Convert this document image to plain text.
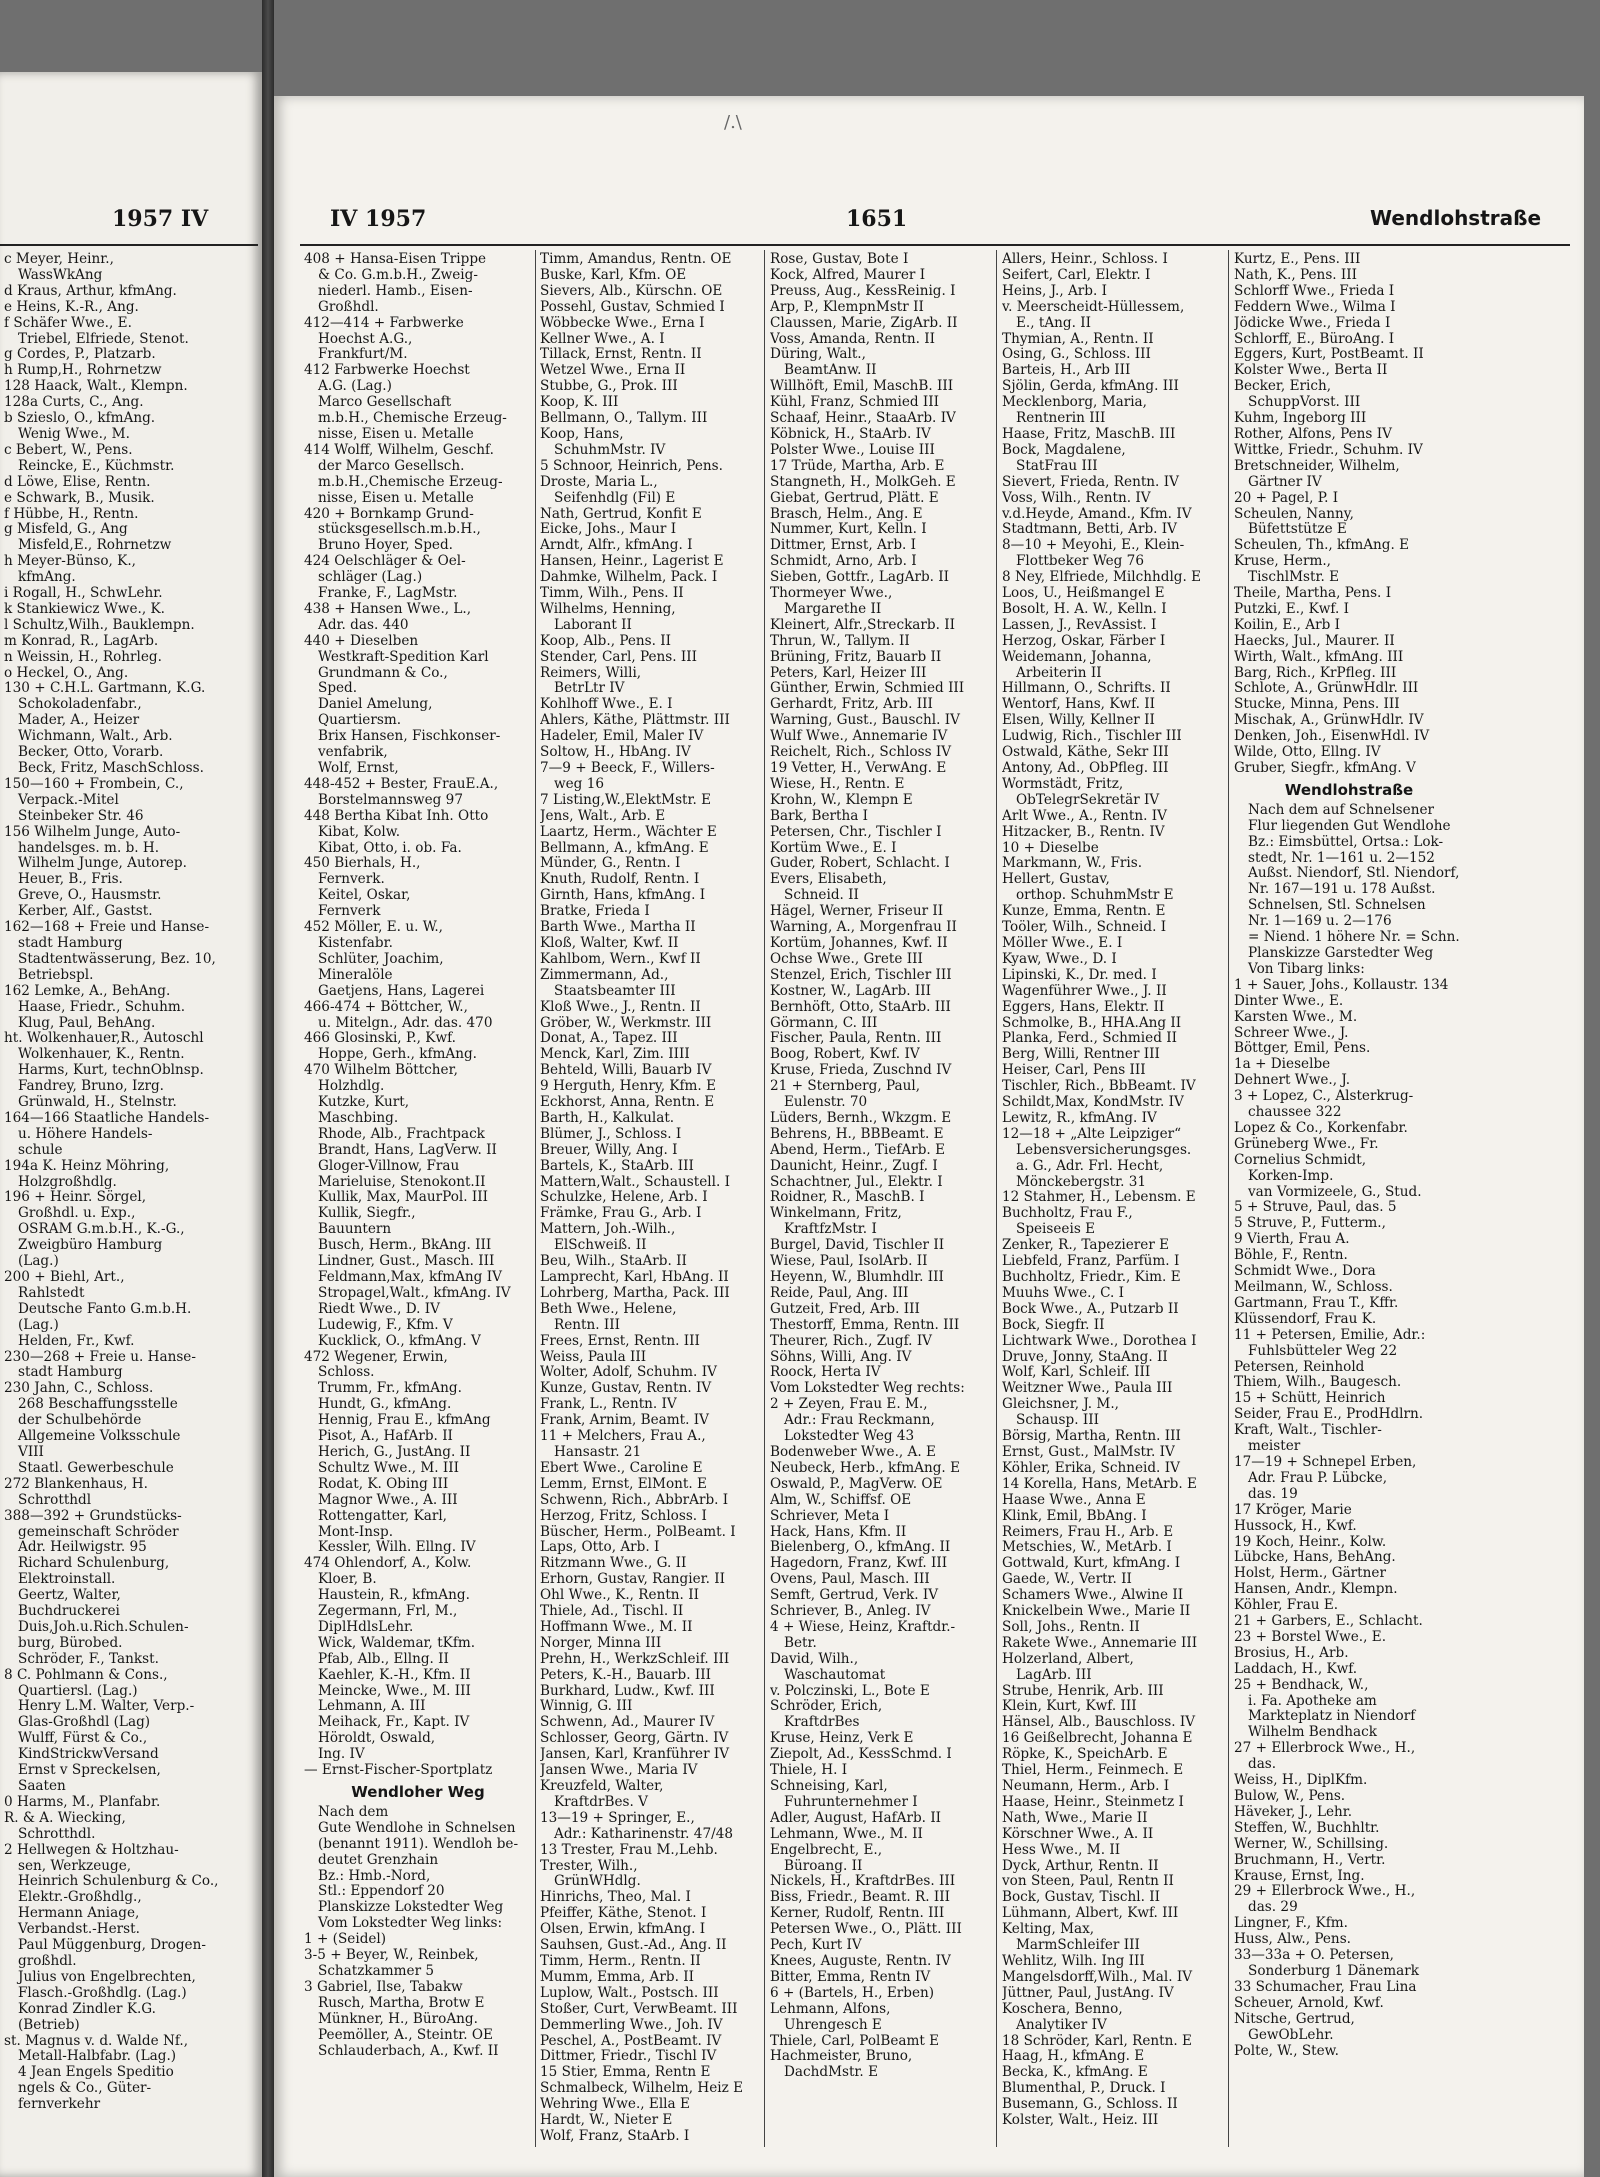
1957 IV	IV 1957	1651	Wendlohstraße
/.\
c Meyer, Heinr.,
WassWkAng
d Kraus, Arthur, kfmAng.
e Heins, K.-R., Ang.
f Schäfer Wwe., E.
Triebel, Elfriede, Stenot.
g Cordes, P., Platzarb.
h Rump,H., Rohrnetzw
128 Haack, Walt., Klempn.
128a Curts, C., Ang.
b Szieslo, O., kfmAng.
Wenig Wwe., M.
c Bebert, W., Pens.
Reincke, E., Küchmstr.
d Löwe, Elise, Rentn.
e Schwark, B., Musik.
f Hübbe, H., Rentn.
g Misfeld, G., Ang
Misfeld,E., Rohrnetzw
h Meyer-Bünso, K.,
kfmAng.
i Rogall, H., SchwLehr.
k Stankiewicz Wwe., K.
l Schultz,Wilh., Bauklempn.
m Konrad, R., LagArb.
n Weissin, H., Rohrleg.
o Heckel, O., Ang.
130 + C.H.L. Gartmann, K.G.
Schokoladenfabr.,
Mader, A., Heizer
Wichmann, Walt., Arb.
Becker, Otto, Vorarb.
Beck, Fritz, MaschSchloss.
150—160 + Frombein, C.,
Verpack.-Mitel
Steinbeker Str. 46
156 Wilhelm Junge, Auto-
handelsges. m. b. H.
Wilhelm Junge, Autorep.
Heuer, B., Fris.
Greve, O., Hausmstr.
Kerber, Alf., Gastst.
162—168 + Freie und Hanse-
stadt Hamburg
Stadtentwässerung, Bez. 10,
Betriebspl.
162 Lemke, A., BehAng.
Haase, Friedr., Schuhm.
Klug, Paul, BehAng.
ht. Wolkenhauer,R., Autoschl
Wolkenhauer, K., Rentn.
Harms, Kurt, technOblnsp.
Fandrey, Bruno, Izrg.
Grünwald, H., Stelnstr.
164—166 Staatliche Handels-
u. Höhere Handels-
schule
194a K. Heinz Möhring,
Holzgroßhdlg.
196 + Heinr. Sörgel,
Großhdl. u. Exp.,
OSRAM G.m.b.H., K.-G.,
Zweigbüro Hamburg
(Lag.)
200 + Biehl, Art.,
Rahlstedt
Deutsche Fanto G.m.b.H.
(Lag.)
Helden, Fr., Kwf.
230—268 + Freie u. Hanse-
stadt Hamburg
230 Jahn, C., Schloss.
268 Beschaffungsstelle
der Schulbehörde
Allgemeine Volksschule
VIII
Staatl. Gewerbeschule
272 Blankenhaus, H.
Schrotthdl
388—392 + Grundstücks-
gemeinschaft Schröder
Adr. Heilwigstr. 95
Richard Schulenburg,
Elektroinstall.
Geertz, Walter,
Buchdruckerei
Duis,Joh.u.Rich.Schulen-
burg, Bürobed.
Schröder, F., Tankst.
8 C. Pohlmann & Cons.,
Quartiersl. (Lag.)
Henry L.M. Walter, Verp.-
Glas-Großhdl (Lag)
Wulff, Fürst & Co.,
KindStrickwVersand
Ernst v Spreckelsen,
Saaten
0 Harms, M., Planfabr.
R. & A. Wiecking,
Schrotthdl.
2 Hellwegen & Holtzhau-
sen, Werkzeuge,
Heinrich Schulenburg & Co.,
Elektr.-Großhdlg.,
Hermann Aniage,
Verbandst.-Herst.
Paul Müggenburg, Drogen-
großhdl.
Julius von Engelbrechten,
Flasch.-Großhdlg. (Lag.)
Konrad Zindler K.G.
(Betrieb)
st. Magnus v. d. Walde Nf.,
Metall-Halbfabr. (Lag.)
4 Jean Engels Speditio
ngels & Co., Güter-
fernverkehr
408 + Hansa-Eisen Trippe
& Co. G.m.b.H., Zweig-
niederl. Hamb., Eisen-
Großhdl.
412—414 + Farbwerke
Hoechst A.G.,
Frankfurt/M.
412 Farbwerke Hoechst
A.G. (Lag.)
Marco Gesellschaft
m.b.H., Chemische Erzeug-
nisse, Eisen u. Metalle
414 Wolff, Wilhelm, Geschf.
der Marco Gesellsch.
m.b.H.,Chemische Erzeug-
nisse, Eisen u. Metalle
420 + Bornkamp Grund-
stücksgesellsch.m.b.H.,
Bruno Hoyer, Sped.
424 Oelschläger & Oel-
schläger (Lag.)
Franke, F., LagMstr.
438 + Hansen Wwe., L.,
Adr. das. 440
440 + Dieselben
Westkraft-Spedition Karl
Grundmann & Co.,
Sped.
Daniel Amelung,
Quartiersm.
Brix Hansen, Fischkonser-
venfabrik,
Wolf, Ernst,
448-452 + Bester, FrauE.A.,
Borstelmannsweg 97
448 Bertha Kibat Inh. Otto
Kibat, Kolw.
Kibat, Otto, i. ob. Fa.
450 Bierhals, H.,
Fernverk.
Keitel, Oskar,
Fernverk
452 Möller, E. u. W.,
Kistenfabr.
Schlüter, Joachim,
Mineralöle
Gaetjens, Hans, Lagerei
466-474 + Böttcher, W.,
u. Mitelgn., Adr. das. 470
466 Glosinski, P., Kwf.
Hoppe, Gerh., kfmAng.
470 Wilhelm Böttcher,
Holzhdlg.
Kutzke, Kurt,
Maschbing.
Rhode, Alb., Frachtpack
Brandt, Hans, LagVerw. II
Gloger-Villnow, Frau
Marieluise, Stenokont.II
Kullik, Max, MaurPol. III
Kullik, Siegfr.,
Bauuntern
Busch, Herm., BkAng. III
Lindner, Gust., Masch. III
Feldmann,Max, kfmAng IV
Stropagel,Walt., kfmAng. IV
Riedt Wwe., D. IV
Ludewig, F., Kfm. V
Kucklick, O., kfmAng. V
472 Wegener, Erwin,
Schloss.
Trumm, Fr., kfmAng.
Hundt, G., kfmAng.
Hennig, Frau E., kfmAng
Pisot, A., HafArb. II
Herich, G., JustAng. II
Schultz Wwe., M. III
Rodat, K. Obing III
Magnor Wwe., A. III
Rottengatter, Karl,
Mont-Insp.
Kessler, Wilh. Ellng. IV
474 Ohlendorf, A., Kolw.
Kloer, B.
Haustein, R., kfmAng.
Zegermann, Frl, M.,
DiplHdlsLehr.
Wick, Waldemar, tKfm.
Pfab, Alb., Ellng. II
Kaehler, K.-H., Kfm. II
Meincke, Wwe., M. III
Lehmann, A. III
Meihack, Fr., Kapt. IV
Höroldt, Oswald,
Ing. IV
— Ernst-Fischer-Sportplatz
Wendloher Weg
Nach dem
Gute Wendlohe in Schnelsen
(benannt 1911). Wendloh be-
deutet Grenzhain
Bz.: Hmb.-Nord,
Stl.: Eppendorf 20
Planskizze Lokstedter Weg
Vom Lokstedter Weg links:
1 + (Seidel)
3-5 + Beyer, W., Reinbek,
Schatzkammer 5
3 Gabriel, Ilse, Tabakw
Rusch, Martha, Brotw E
Münkner, H., BüroAng.
Peemöller, A., Steintr. OE
Schlauderbach, A., Kwf. II
Timm, Amandus, Rentn. OE
Buske, Karl, Kfm. OE
Sievers, Alb., Kürschn. OE
Possehl, Gustav, Schmied I
Wöbbecke Wwe., Erna I
Kellner Wwe., A. I
Tillack, Ernst, Rentn. II
Wetzel Wwe., Erna II
Stubbe, G., Prok. III
Koop, K. III
Bellmann, O., Tallym. III
Koop, Hans,
SchuhmMstr. IV
5 Schnoor, Heinrich, Pens.
Droste, Maria L.,
Seifenhdlg (Fil) E
Nath, Gertrud, Konfit E
Eicke, Johs., Maur I
Arndt, Alfr., kfmAng. I
Hansen, Heinr., Lagerist E
Dahmke, Wilhelm, Pack. I
Timm, Wilh., Pens. II
Wilhelms, Henning,
Laborant II
Koop, Alb., Pens. II
Stender, Carl, Pens. III
Reimers, Willi,
BetrLtr IV
Kohlhoff Wwe., E. I
Ahlers, Käthe, Plättmstr. III
Hadeler, Emil, Maler IV
Soltow, H., HbAng. IV
7—9 + Beeck, F., Willers-
weg 16
7 Listing,W.,ElektMstr. E
Jens, Walt., Arb. E
Laartz, Herm., Wächter E
Bellmann, A., kfmAng. E
Münder, G., Rentn. I
Knuth, Rudolf, Rentn. I
Girnth, Hans, kfmAng. I
Bratke, Frieda I
Barth Wwe., Martha II
Kloß, Walter, Kwf. II
Kahlbom, Wern., Kwf II
Zimmermann, Ad.,
Staatsbeamter III
Kloß Wwe., J., Rentn. II
Gröber, W., Werkmstr. III
Donat, A., Tapez. III
Menck, Karl, Zim. IIII
Behteld, Willi, Bauarb IV
9 Herguth, Henry, Kfm. E
Eckhorst, Anna, Rentn. E
Barth, H., Kalkulat.
Blümer, J., Schloss. I
Breuer, Willy, Ang. I
Bartels, K., StaArb. III
Mattern,Walt., Schaustell. I
Schulzke, Helene, Arb. I
Främke, Frau G., Arb. I
Mattern, Joh.-Wilh.,
ElSchweiß. II
Beu, Wilh., StaArb. II
Lamprecht, Karl, HbAng. II
Lohrberg, Martha, Pack. III
Beth Wwe., Helene,
Rentn. III
Frees, Ernst, Rentn. III
Weiss, Paula III
Wolter, Adolf, Schuhm. IV
Kunze, Gustav, Rentn. IV
Frank, L., Rentn. IV
Frank, Arnim, Beamt. IV
11 + Melchers, Frau A.,
Hansastr. 21
Ebert Wwe., Caroline E
Lemm, Ernst, ElMont. E
Schwenn, Rich., AbbrArb. I
Herzog, Fritz, Schloss. I
Büscher, Herm., PolBeamt. I
Laps, Otto, Arb. I
Ritzmann Wwe., G. II
Erhorn, Gustav, Rangier. II
Ohl Wwe., K., Rentn. II
Thiele, Ad., Tischl. II
Hoffmann Wwe., M. II
Norger, Minna III
Prehn, H., WerkzSchleif. III
Peters, K.-H., Bauarb. III
Burkhard, Ludw., Kwf. III
Winnig, G. III
Schwenn, Ad., Maurer IV
Schlosser, Georg, Gärtn. IV
Jansen, Karl, Kranführer IV
Jansen Wwe., Maria IV
Kreuzfeld, Walter,
KraftdrBes. V
13—19 + Springer, E.,
Adr.: Katharinenstr. 47/48
13 Trester, Frau M.,Lehb.
Trester, Wilh.,
GrünWHdlg.
Hinrichs, Theo, Mal. I
Pfeiffer, Käthe, Stenot. I
Olsen, Erwin, kfmAng. I
Sauhsen, Gust.-Ad., Ang. II
Timm, Herm., Rentn. II
Mumm, Emma, Arb. II
Luplow, Walt., Postsch. III
Stoßer, Curt, VerwBeamt. III
Demmerling Wwe., Joh. IV
Peschel, A., PostBeamt. IV
Dittmer, Friedr., Tischl IV
15 Stier, Emma, Rentn E
Schmalbeck, Wilhelm, Heiz E
Wehring Wwe., Ella E
Hardt, W., Nieter E
Wolf, Franz, StaArb. I
Rose, Gustav, Bote I
Kock, Alfred, Maurer I
Preuss, Aug., KessReinig. I
Arp, P., KlempnMstr II
Claussen, Marie, ZigArb. II
Voss, Amanda, Rentn. II
Düring, Walt.,
BeamtAnw. II
Willhöft, Emil, MaschB. III
Kühl, Franz, Schmied III
Schaaf, Heinr., StaaArb. IV
Köbnick, H., StaArb. IV
Polster Wwe., Louise III
17 Trüde, Martha, Arb. E
Stangneth, H., MolkGeh. E
Giebat, Gertrud, Plätt. E
Brasch, Helm., Ang. E
Nummer, Kurt, Kelln. I
Dittmer, Ernst, Arb. I
Schmidt, Arno, Arb. I
Sieben, Gottfr., LagArb. II
Thormeyer Wwe.,
Margarethe II
Kleinert, Alfr.,Streckarb. II
Thrun, W., Tallym. II
Brüning, Fritz, Bauarb II
Peters, Karl, Heizer III
Günther, Erwin, Schmied III
Gerhardt, Fritz, Arb. III
Warning, Gust., Bauschl. IV
Wulf Wwe., Annemarie IV
Reichelt, Rich., Schloss IV
19 Vetter, H., VerwAng. E
Wiese, H., Rentn. E
Krohn, W., Klempn E
Bark, Bertha I
Petersen, Chr., Tischler I
Kortüm Wwe., E. I
Guder, Robert, Schlacht. I
Evers, Elisabeth,
Schneid. II
Hägel, Werner, Friseur II
Warning, A., Morgenfrau II
Kortüm, Johannes, Kwf. II
Ochse Wwe., Grete III
Stenzel, Erich, Tischler III
Kostner, W., LagArb. III
Bernhöft, Otto, StaArb. III
Görmann, C. III
Fischer, Paula, Rentn. III
Boog, Robert, Kwf. IV
Kruse, Frieda, Zuschnd IV
21 + Sternberg, Paul,
Eulenstr. 70
Lüders, Bernh., Wkzgm. E
Behrens, H., BBBeamt. E
Abend, Herm., TiefArb. E
Daunicht, Heinr., Zugf. I
Schachtner, Jul., Elektr. I
Roidner, R., MaschB. I
Winkelmann, Fritz,
KraftfzMstr. I
Burgel, David, Tischler II
Wiese, Paul, IsolArb. II
Heyenn, W., Blumhdlr. III
Reide, Paul, Ang. III
Gutzeit, Fred, Arb. III
Thestorff, Emma, Rentn. III
Theurer, Rich., Zugf. IV
Söhns, Willi, Ang. IV
Roock, Herta IV
Vom Lokstedter Weg rechts:
2 + Zeyen, Frau E. M.,
Adr.: Frau Reckmann,
Lokstedter Weg 43
Bodenweber Wwe., A. E
Neubeck, Herb., kfmAng. E
Oswald, P., MagVerw. OE
Alm, W., Schiffsf. OE
Schriever, Meta I
Hack, Hans, Kfm. II
Bielenberg, O., kfmAng. II
Hagedorn, Franz, Kwf. III
Ovens, Paul, Masch. III
Semft, Gertrud, Verk. IV
Schriever, B., Anleg. IV
4 + Wiese, Heinz, Kraftdr.-
Betr.
David, Wilh.,
Waschautomat
v. Polczinski, L., Bote E
Schröder, Erich,
KraftdrBes
Kruse, Heinz, Verk E
Ziepolt, Ad., KessSchmd. I
Thiele, H. I
Schneising, Karl,
Fuhrunternehmer I
Adler, August, HafArb. II
Lehmann, Wwe., M. II
Engelbrecht, E.,
Büroang. II
Nickels, H., KraftdrBes. III
Biss, Friedr., Beamt. R. III
Kerner, Rudolf, Rentn. III
Petersen Wwe., O., Plätt. III
Pech, Kurt IV
Knees, Auguste, Rentn. IV
Bitter, Emma, Rentn IV
6 + (Bartels, H., Erben)
Lehmann, Alfons,
Uhrengesch E
Thiele, Carl, PolBeamt E
Hachmeister, Bruno,
DachdMstr. E
Allers, Heinr., Schloss. I
Seifert, Carl, Elektr. I
Heins, J., Arb. I
v. Meerscheidt-Hüllessem,
E., tAng. II
Thymian, A., Rentn. II
Osing, G., Schloss. III
Barteis, H., Arb III
Sjölin, Gerda, kfmAng. III
Mecklenborg, Maria,
Rentnerin III
Haase, Fritz, MaschB. III
Bock, Magdalene,
StatFrau III
Sievert, Frieda, Rentn. IV
Voss, Wilh., Rentn. IV
v.d.Heyde, Amand., Kfm. IV
Stadtmann, Betti, Arb. IV
8—10 + Meyohi, E., Klein-
Flottbeker Weg 76
8 Ney, Elfriede, Milchhdlg. E
Loos, U., Heißmangel E
Bosolt, H. A. W., Kelln. I
Lassen, J., RevAssist. I
Herzog, Oskar, Färber I
Weidemann, Johanna,
Arbeiterin II
Hillmann, O., Schrifts. II
Wentorf, Hans, Kwf. II
Elsen, Willy, Kellner II
Ludwig, Rich., Tischler III
Ostwald, Käthe, Sekr III
Antony, Ad., ObPfleg. III
Wormstädt, Fritz,
ObTelegrSekretär IV
Arlt Wwe., A., Rentn. IV
Hitzacker, B., Rentn. IV
10 + Dieselbe
Markmann, W., Fris.
Hellert, Gustav,
orthop. SchuhmMstr E
Kunze, Emma, Rentn. E
Toöler, Wilh., Schneid. I
Möller Wwe., E. I
Kyaw, Wwe., D. I
Lipinski, K., Dr. med. I
Wagenführer Wwe., J. II
Eggers, Hans, Elektr. II
Schmolke, B., HHA.Ang II
Planka, Ferd., Schmied II
Berg, Willi, Rentner III
Heiser, Carl, Pens III
Tischler, Rich., BbBeamt. IV
Schildt,Max, KondMstr. IV
Lewitz, R., kfmAng. IV
12—18 + „Alte Leipziger“
Lebensversicherungsges.
a. G., Adr. Frl. Hecht,
Mönckebergstr. 31
12 Stahmer, H., Lebensm. E
Buchholtz, Frau F.,
Speiseeis E
Zenker, R., Tapezierer E
Liebfeld, Franz, Parfüm. I
Buchholtz, Friedr., Kim. E
Muuhs Wwe., C. I
Bock Wwe., A., Putzarb II
Bock, Siegfr. II
Lichtwark Wwe., Dorothea I
Druve, Jonny, StaAng. II
Wolf, Karl, Schleif. III
Weitzner Wwe., Paula III
Gleichsner, J. M.,
Schausp. III
Börsig, Martha, Rentn. III
Ernst, Gust., MalMstr. IV
Köhler, Erika, Schneid. IV
14 Korella, Hans, MetArb. E
Haase Wwe., Anna E
Klink, Emil, BbAng. I
Reimers, Frau H., Arb. E
Metschies, W., MetArb. I
Gottwald, Kurt, kfmAng. I
Gaede, W., Vertr. II
Schamers Wwe., Alwine II
Knickelbein Wwe., Marie II
Soll, Johs., Rentn. II
Rakete Wwe., Annemarie III
Holzerland, Albert,
LagArb. III
Strube, Henrik, Arb. III
Klein, Kurt, Kwf. III
Hänsel, Alb., Bauschloss. IV
16 Geißelbrecht, Johanna E
Röpke, K., SpeichArb. E
Thiel, Herm., Feinmech. E
Neumann, Herm., Arb. I
Haase, Heinr., Steinmetz I
Nath, Wwe., Marie II
Körschner Wwe., A. II
Hess Wwe., M. II
Dyck, Arthur, Rentn. II
von Steen, Paul, Rentn II
Bock, Gustav, Tischl. II
Lühmann, Albert, Kwf. III
Kelting, Max,
MarmSchleifer III
Wehlitz, Wilh. Ing III
Mangelsdorff,Wilh., Mal. IV
Jüttner, Paul, JustAng. IV
Koschera, Benno,
Analytiker IV
18 Schröder, Karl, Rentn. E
Haag, H., kfmAng. E
Becka, K., kfmAng. E
Blumenthal, P., Druck. I
Busemann, G., Schloss. II
Kolster, Walt., Heiz. III
Kurtz, E., Pens. III
Nath, K., Pens. III
Schlorff Wwe., Frieda I
Feddern Wwe., Wilma I
Jödicke Wwe., Frieda I
Schlorff, E., BüroAng. I
Eggers, Kurt, PostBeamt. II
Kolster Wwe., Berta II
Becker, Erich,
SchuppVorst. III
Kuhm, Ingeborg III
Rother, Alfons, Pens IV
Wittke, Friedr., Schuhm. IV
Bretschneider, Wilhelm,
Gärtner IV
20 + Pagel, P. I
Scheulen, Nanny,
Büfettstütze E
Scheulen, Th., kfmAng. E
Kruse, Herm.,
TischlMstr. E
Theile, Martha, Pens. I
Putzki, E., Kwf. I
Koilin, E., Arb I
Haecks, Jul., Maurer. II
Wirth, Walt., kfmAng. III
Barg, Rich., KrPfleg. III
Schlote, A., GrünwHdlr. III
Stucke, Minna, Pens. III
Mischak, A., GrünwHdlr. IV
Denken, Joh., EisenwHdl. IV
Wilde, Otto, Ellng. IV
Gruber, Siegfr., kfmAng. V
Wendlohstraße
Nach dem auf Schnelsener
Flur liegenden Gut Wendlohe
Bz.: Eimsbüttel, Ortsa.: Lok-
stedt, Nr. 1—161 u. 2—152
Außst. Niendorf, Stl. Niendorf,
Nr. 167—191 u. 178 Außst.
Schnelsen, Stl. Schnelsen
Nr. 1—169 u. 2—176
= Niend. 1 höhere Nr. = Schn.
Planskizze Garstedter Weg
Von Tibarg links:
1 + Sauer, Johs., Kollaustr. 134
Dinter Wwe., E.
Karsten Wwe., M.
Schreer Wwe., J.
Böttger, Emil, Pens.
1a + Dieselbe
Dehnert Wwe., J.
3 + Lopez, C., Alsterkrug-
chaussee 322
Lopez & Co., Korkenfabr.
Grüneberg Wwe., Fr.
Cornelius Schmidt,
Korken-Imp.
van Vormizeele, G., Stud.
5 + Struve, Paul, das. 5
5 Struve, P., Futterm.,
9 Vierth, Frau A.
Böhle, F., Rentn.
Schmidt Wwe., Dora
Meilmann, W., Schloss.
Gartmann, Frau T., Kffr.
Klüssendorf, Frau K.
11 + Petersen, Emilie, Adr.:
Fuhlsbütteler Weg 22
Petersen, Reinhold
Thiem, Wilh., Baugesch.
15 + Schütt, Heinrich
Seider, Frau E., ProdHdlrn.
Kraft, Walt., Tischler-
meister
17—19 + Schnepel Erben,
Adr. Frau P. Lübcke,
das. 19
17 Kröger, Marie
Hussock, H., Kwf.
19 Koch, Heinr., Kolw.
Lübcke, Hans, BehAng.
Holst, Herm., Gärtner
Hansen, Andr., Klempn.
Köhler, Frau E.
21 + Garbers, E., Schlacht.
23 + Borstel Wwe., E.
Brosius, H., Arb.
Laddach, H., Kwf.
25 + Bendhack, W.,
i. Fa. Apotheke am
Markteplatz in Niendorf
Wilhelm Bendhack
27 + Ellerbrock Wwe., H.,
das.
Weiss, H., DiplKfm.
Bulow, W., Pens.
Häveker, J., Lehr.
Steffen, W., Buchhltr.
Werner, W., Schillsing.
Bruchmann, H., Vertr.
Krause, Ernst, Ing.
29 + Ellerbrock Wwe., H.,
das. 29
Lingner, F., Kfm.
Huss, Alw., Pens.
33—33a + O. Petersen,
Sonderburg 1 Dänemark
33 Schumacher, Frau Lina
Scheuer, Arnold, Kwf.
Nitsche, Gertrud,
GewObLehr.
Polte, W., Stew.
